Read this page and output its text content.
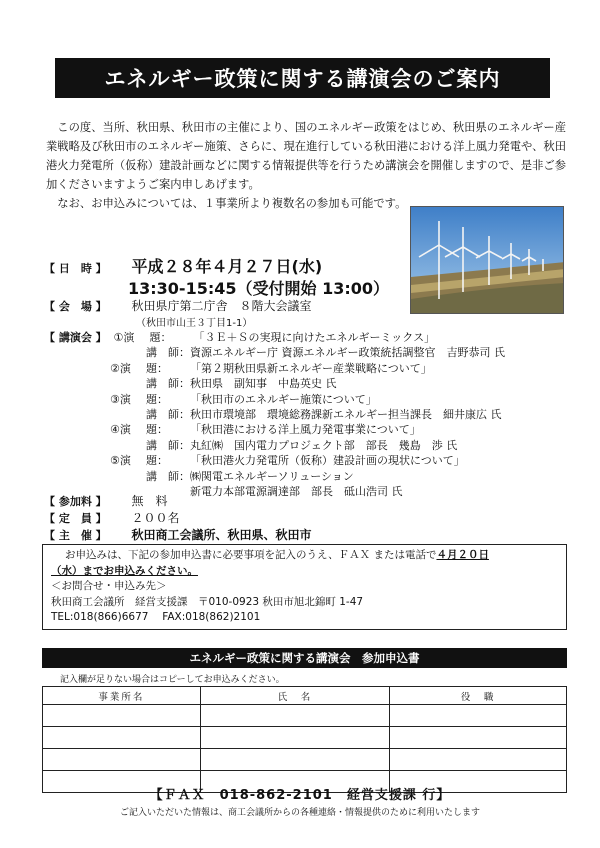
エネルギー政策に関する講演会のご案内

この度、当所、秋田県、秋田市の主催により、国のエネルギー政策をはじめ、秋田県のエネルギー産業戦略及び秋田市のエネルギー施策、さらに、現在進行している秋田港における洋上風力発電や、秋田港火力発電所（仮称）建設計画などに関する情報提供等を行うため講演会を開催しますので、是非ご参加くださいますようご案内申しあげます。

なお、お申込みについては、１事業所より複数名の参加も可能です。

【 日　時 】 平成２８年４月２７日(水)
13:30-15:45（受付開始 13:00）
【 会　場 】 秋田県庁第二庁舎　８階大会議室
（秋田市山王３丁目1-1）
【 講演会 】 ①演 題： 「３Ｅ＋Ｓの実現に向けたエネルギーミックス」
講　師：資源エネルギー庁 資源エネルギー政策統括調整官　吉野恭司 氏
②演 題： 「第２期秋田県新エネルギー産業戦略について」
講　師：秋田県　副知事　中島英史 氏
③演 題： 「秋田市のエネルギー施策について」
講　師：秋田市環境部　環境総務課新エネルギー担当課長　細井康広 氏
④演 題： 「秋田港における洋上風力発電事業について」
講　師：丸紅㈱　国内電力プロジェクト部　部長　幾島　渉 氏
⑤演 題： 「秋田港火力発電所（仮称）建設計画の現状について」
講　師：㈱関電エネルギーソリューション
新電力本部電源調達部　部長　砥山浩司 氏
【 参加料 】 無　料
【 定　員 】 ２００名
【 主　催 】 秋田商工会議所、秋田県、秋田市
お申込みは、下記の参加申込書に必要事項を記入のうえ、ＦＡＸ または電話で４月２０日
（水）までお申込みください。
＜お問合せ・申込み先＞
秋田商工会議所　経営支援課　〒010-0923 秋田市旭北錦町 1-47
TEL:018(866)6677　 FAX:018(862)2101
エネルギー政策に関する講演会　参加申込書
記入欄が足りない場合はコピーしてお申込みください。
事業所名	氏　名	役　職

【ＦＡＸ　018-862-2101　経営支援課 行】
ご記入いただいた情報は、商工会議所からの各種連絡・情報提供のために利用いたします
